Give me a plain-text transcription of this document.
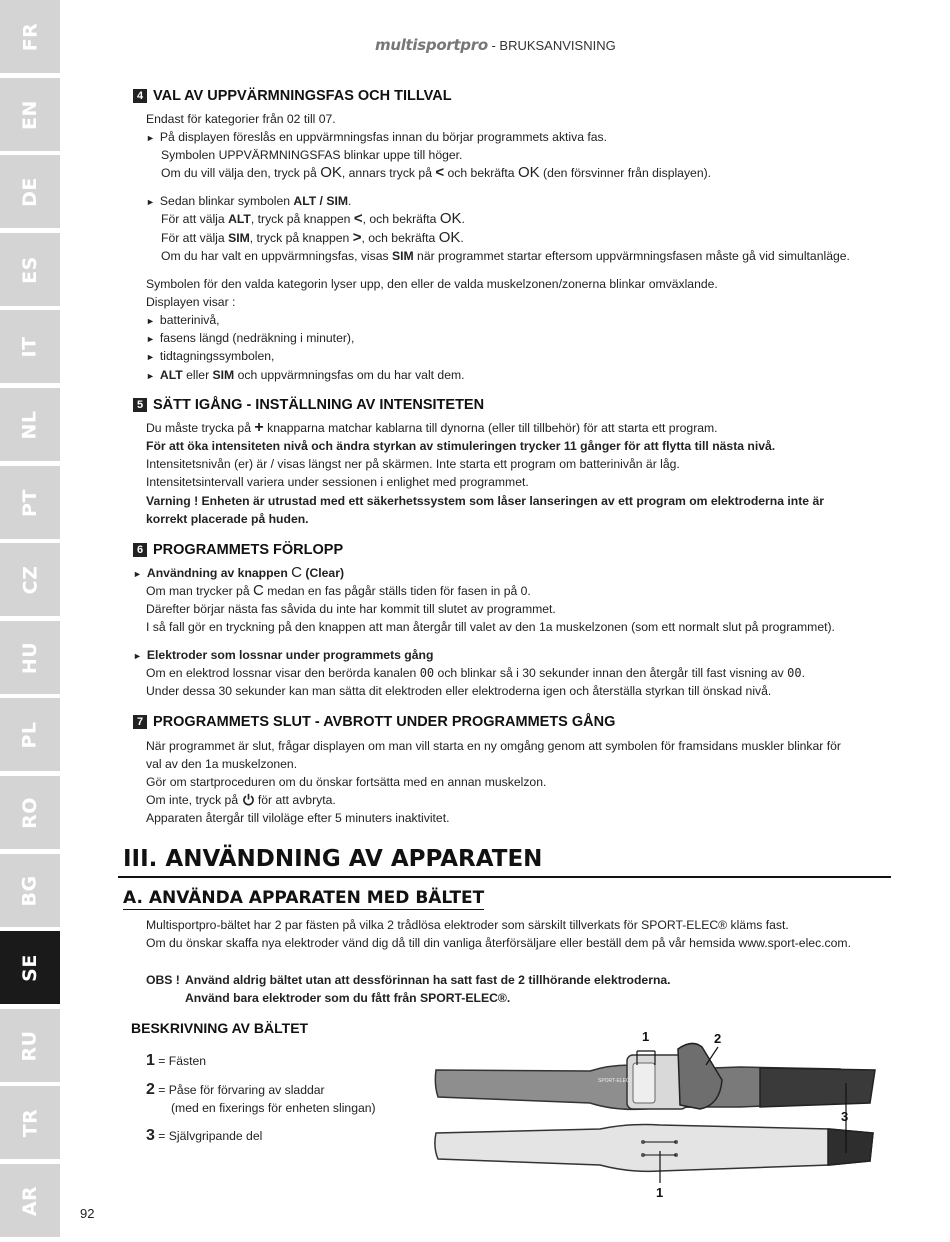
FR
EN
DE
ES
IT
NL
PT
CZ
HU
PL
RO
BG
SE
RU
TR
AR
multisportpro - BRUKSANVISNING
4 VAL AV UPPVÄRMNINGSFAS OCH TILLVAL
Endast för kategorier från 02 till 07.
► På displayen föreslås en uppvärmningsfas innan du börjar programmets aktiva fas.
Symbolen UPPVÄRMNINGSFAS blinkar uppe till höger.
Om du vill välja den, tryck på OK, annars tryck på < och bekräfta OK (den försvinner från displayen).
► Sedan blinkar symbolen ALT / SIM.
För att välja ALT, tryck på knappen <, och bekräfta OK.
För att välja SIM, tryck på knappen >, och bekräfta OK.
Om du har valt en uppvärmningsfas, visas SIM när programmet startar eftersom uppvärmningsfasen måste gå vid simultanläge.
Symbolen för den valda kategorin lyser upp, den eller de valda muskelzonen/zonerna blinkar omväxlande.
Displayen visar :
► batterinivå,
► fasens längd (nedräkning i minuter),
► tidtagningssymbolen,
► ALT eller SIM och uppvärmningsfas om du har valt dem.
5 SÄTT IGÅNG - INSTÄLLNING AV INTENSITETEN
Du måste trycka på + knapparna matchar kablarna till dynorna (eller till tillbehör) för att starta ett program.
För att öka intensiteten nivå och ändra styrkan av stimuleringen trycker 11 gånger för att flytta till nästa nivå.
Intensitetsnivån (er) är / visas längst ner på skärmen. Inte starta ett program om batterinivån är låg.
Intensitetsintervall variera under sessionen i enlighet med programmet.
Varning ! Enheten är utrustad med ett säkerhetssystem som låser lanseringen av ett program om elektroderna inte är
korrekt placerade på huden.
6 PROGRAMMETS FÖRLOPP
► Användning av knappen C (Clear)
Om man trycker på C medan en fas pågår ställs tiden för fasen in på 0.
Därefter börjar nästa fas såvida du inte har kommit till slutet av programmet.
I så fall gör en tryckning på den knappen att man återgår till valet av den 1a muskelzonen (som ett normalt slut på programmet).
► Elektroder som lossnar under programmets gång
Om en elektrod lossnar visar den berörda kanalen 00 och blinkar så i 30 sekunder innan den återgår till fast visning av 00.
Under dessa 30 sekunder kan man sätta dit elektroden eller elektroderna igen och återställa styrkan till önskad nivå.
7 PROGRAMMETS SLUT - AVBROTT UNDER PROGRAMMETS GÅNG
När programmet är slut, frågar displayen om man vill starta en ny omgång genom att symbolen för framsidans muskler blinkar för
val av den 1a muskelzonen.
Gör om startproceduren om du önskar fortsätta med en annan muskelzon.
Om inte, tryck på  för att avbryta.
Apparaten återgår till viloläge efter 5 minuters inaktivitet.
III. ANVÄNDNING AV APPARATEN
A. ANVÄNDA APPARATEN MED BÄLTET
Multisportpro-bältet har 2 par fästen på vilka 2 trådlösa elektroder som särskilt tillverkats för SPORT-ELEC® kläms fast.
Om du önskar skaffa nya elektroder vänd dig då till din vanliga återförsäljare eller beställ dem på vår hemsida www.sport-elec.com.
OBS ! Använd aldrig bältet utan att dessförinnan ha satt fast de 2 tillhörande elektroderna.
Använd bara elektroder som du fått från SPORT-ELEC®.
BESKRIVNING AV BÄLTET
1 = Fästen
2 = Påse för förvaring av sladdar
(med en fixerings för enheten slingan)
3 = Självgripande del
SPORT-ELEC
1	2
3
1
92
